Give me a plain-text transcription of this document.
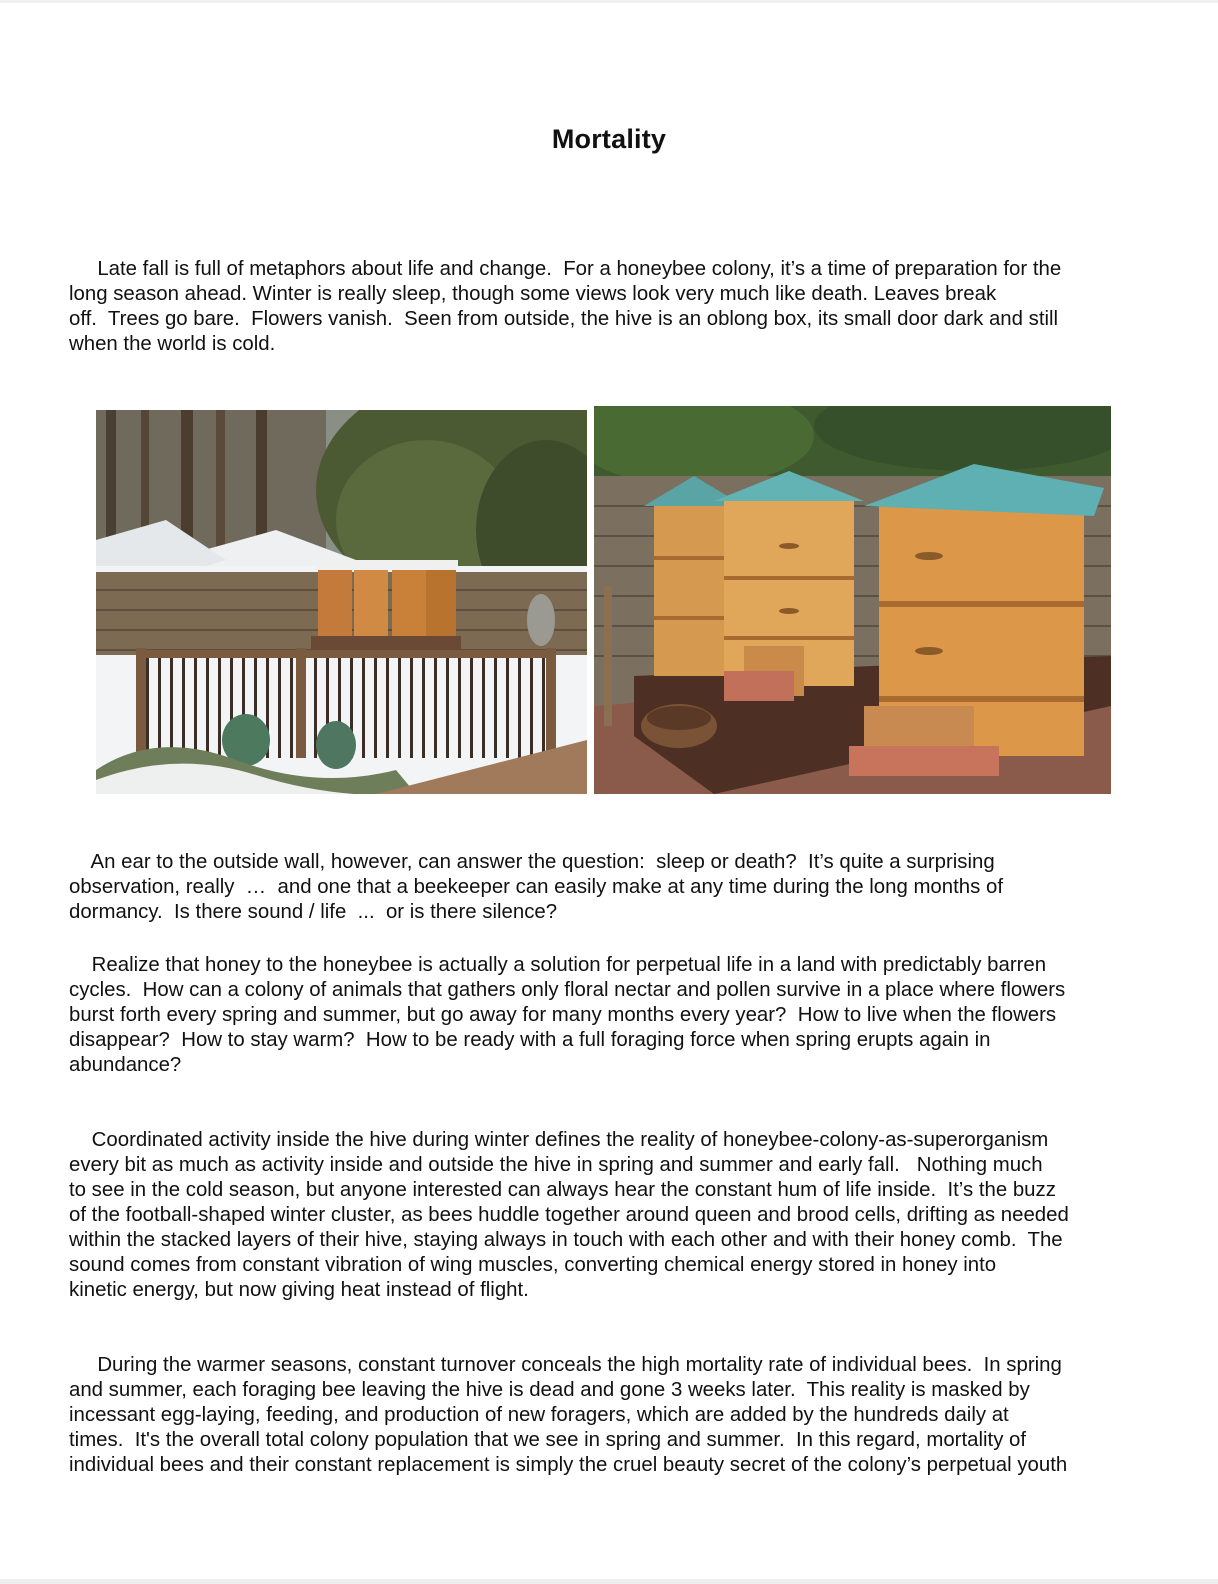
Mortality

Late fall is full of metaphors about life and change.  For a honeybee colony, it’s a time of preparation for the
long season ahead. Winter is really sleep, though some views look very much like death. Leaves break
off.  Trees go bare.  Flowers vanish.  Seen from outside, the hive is an oblong box, its small door dark and still
when the world is cold.

An ear to the outside wall, however, can answer the question:  sleep or death?  It’s quite a surprising
observation, really  …  and one that a beekeeper can easily make at any time during the long months of
dormancy.  Is there sound / life  ...  or is there silence?

Realize that honey to the honeybee is actually a solution for perpetual life in a land with predictably barren
cycles.  How can a colony of animals that gathers only floral nectar and pollen survive in a place where flowers
burst forth every spring and summer, but go away for many months every year?  How to live when the flowers
disappear?  How to stay warm?  How to be ready with a full foraging force when spring erupts again in
abundance?

Coordinated activity inside the hive during winter defines the reality of honeybee-colony-as-superorganism
every bit as much as activity inside and outside the hive in spring and summer and early fall.   Nothing much
to see in the cold season, but anyone interested can always hear the constant hum of life inside.  It’s the buzz
of the football-shaped winter cluster, as bees huddle together around queen and brood cells, drifting as needed
within the stacked layers of their hive, staying always in touch with each other and with their honey comb.  The
sound comes from constant vibration of wing muscles, converting chemical energy stored in honey into
kinetic energy, but now giving heat instead of flight.

During the warmer seasons, constant turnover conceals the high mortality rate of individual bees.  In spring
and summer, each foraging bee leaving the hive is dead and gone 3 weeks later.  This reality is masked by
incessant egg-laying, feeding, and production of new foragers, which are added by the hundreds daily at
times.  It's the overall total colony population that we see in spring and summer.  In this regard, mortality of
individual bees and their constant replacement is simply the cruel beauty secret of the colony’s perpetual youth
